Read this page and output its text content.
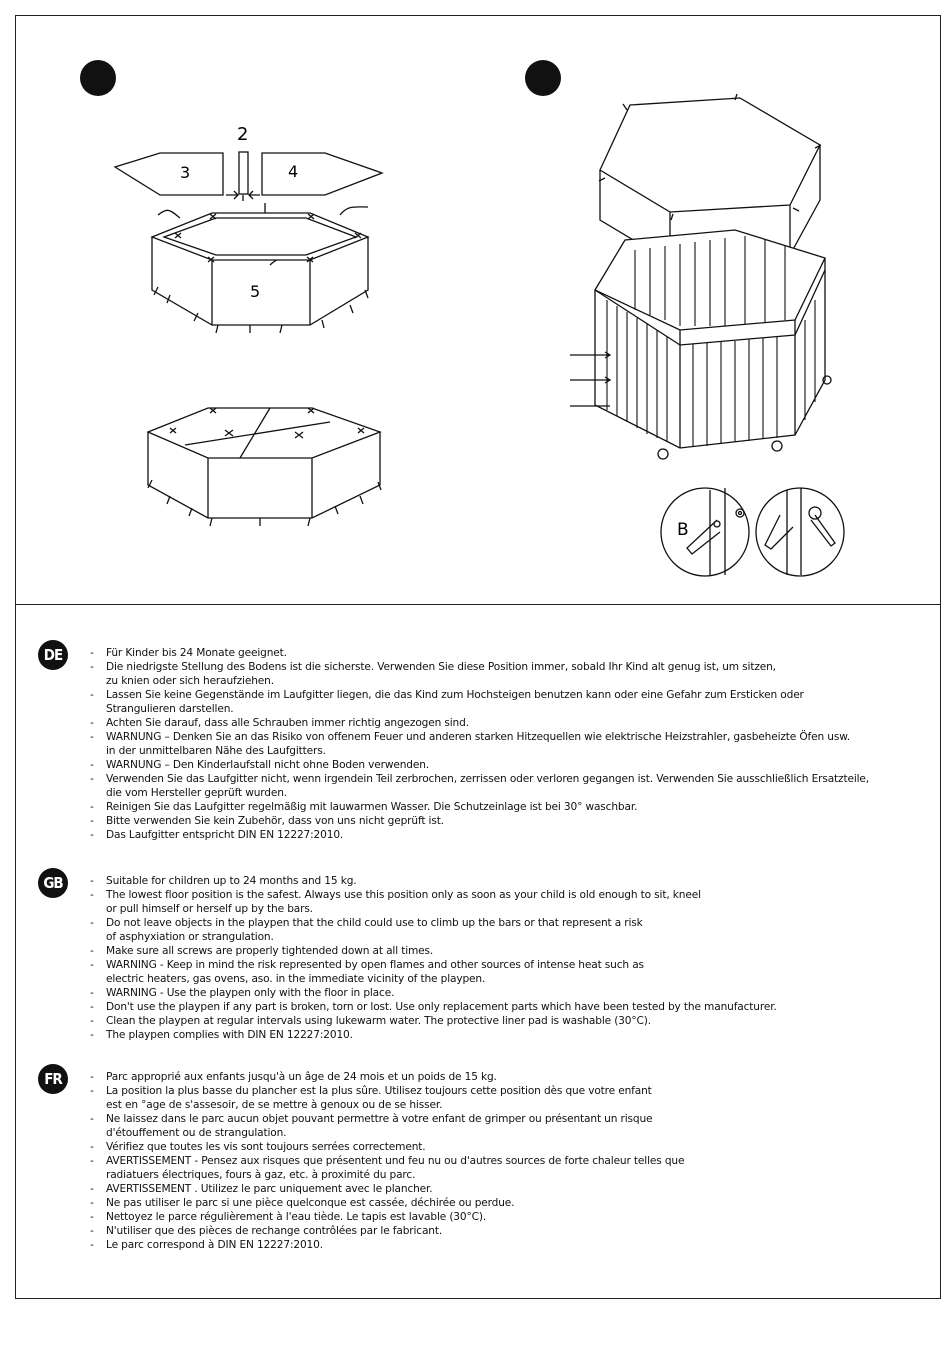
3	4
2
5
B
DE	- Für Kinder bis 24 Monate geeignet.
- Die niedrigste Stellung des Bodens ist die sicherste. Verwenden Sie diese Position immer, sobald Ihr Kind alt genug ist, um sitzen,
zu knien oder sich heraufziehen.
- Lassen Sie keine Gegenstände im Laufgitter liegen, die das Kind zum Hochsteigen benutzen kann oder eine Gefahr zum Ersticken oder
Strangulieren darstellen.
- Achten Sie darauf, dass alle Schrauben immer richtig angezogen sind.
- WARNUNG – Denken Sie an das Risiko von offenem Feuer und anderen starken Hitzequellen wie elektrische Heizstrahler, gasbeheizte Öfen usw.
in der unmittelbaren Nähe des Laufgitters.
- WARNUNG – Den Kinderlaufstall nicht ohne Boden verwenden.
- Verwenden Sie das Laufgitter nicht, wenn irgendein Teil zerbrochen, zerrissen oder verloren gegangen ist. Verwenden Sie ausschließlich Ersatzteile,
die vom Hersteller geprüft wurden.
- Reinigen Sie das Laufgitter regelmäßig mit lauwarmen Wasser. Die Schutzeinlage ist bei 30° waschbar.
- Bitte verwenden Sie kein Zubehör, dass von uns nicht geprüft ist.
- Das Laufgitter entspricht DIN EN 12227:2010.
GB	- Suitable for children up to 24 months and 15 kg.
- The lowest floor position is the safest. Always use this position only as soon as your child is old enough to sit, kneel
or pull himself or herself up by the bars.
- Do not leave objects in the playpen that the child could use to climb up the bars or that represent a risk
of asphyxiation or strangulation.
- Make sure all screws are properly tightended down at all times.
- WARNING - Keep in mind the risk represented by open flames and other sources of intense heat such as
electric heaters, gas ovens, aso. in the immediate vicinity of the playpen.
- WARNING - Use the playpen only with the floor in place.
- Don't use the playpen if any part is broken, torn or lost. Use only replacement parts which have been tested by the manufacturer.
- Clean the playpen at regular intervals using lukewarm water. The protective liner pad is washable (30°C).
- The playpen complies with DIN EN 12227:2010.
FR	- Parc approprié aux enfants jusqu'à un âge de 24 mois et un poids de 15 kg.
- La position la plus basse du plancher est la plus sûre. Utilisez toujours cette position dès que votre enfant
est en °age de s'assesoir, de se mettre à genoux ou de se hisser.
- Ne laissez dans le parc aucun objet pouvant permettre à votre enfant de grimper ou présentant un risque
d'étouffement ou de strangulation.
- Vérifiez que toutes les vis sont toujours serrées correctement.
- AVERTISSEMENT - Pensez aux risques que présentent und feu nu ou d'autres sources de forte chaleur telles que
radiatuers électriques, fours à gaz, etc. à proximité du parc.
- AVERTISSEMENT . Utilizez le parc uniquement avec le plancher.
- Ne pas utiliser le parc si une pièce quelconque est cassée, déchirée ou perdue.
- Nettoyez le parce régulièrement à l'eau tiède. Le tapis est lavable (30°C).
- N'utiliser que des pièces de rechange contrôlées par le fabricant.
- Le parc correspond à DIN EN 12227:2010.
